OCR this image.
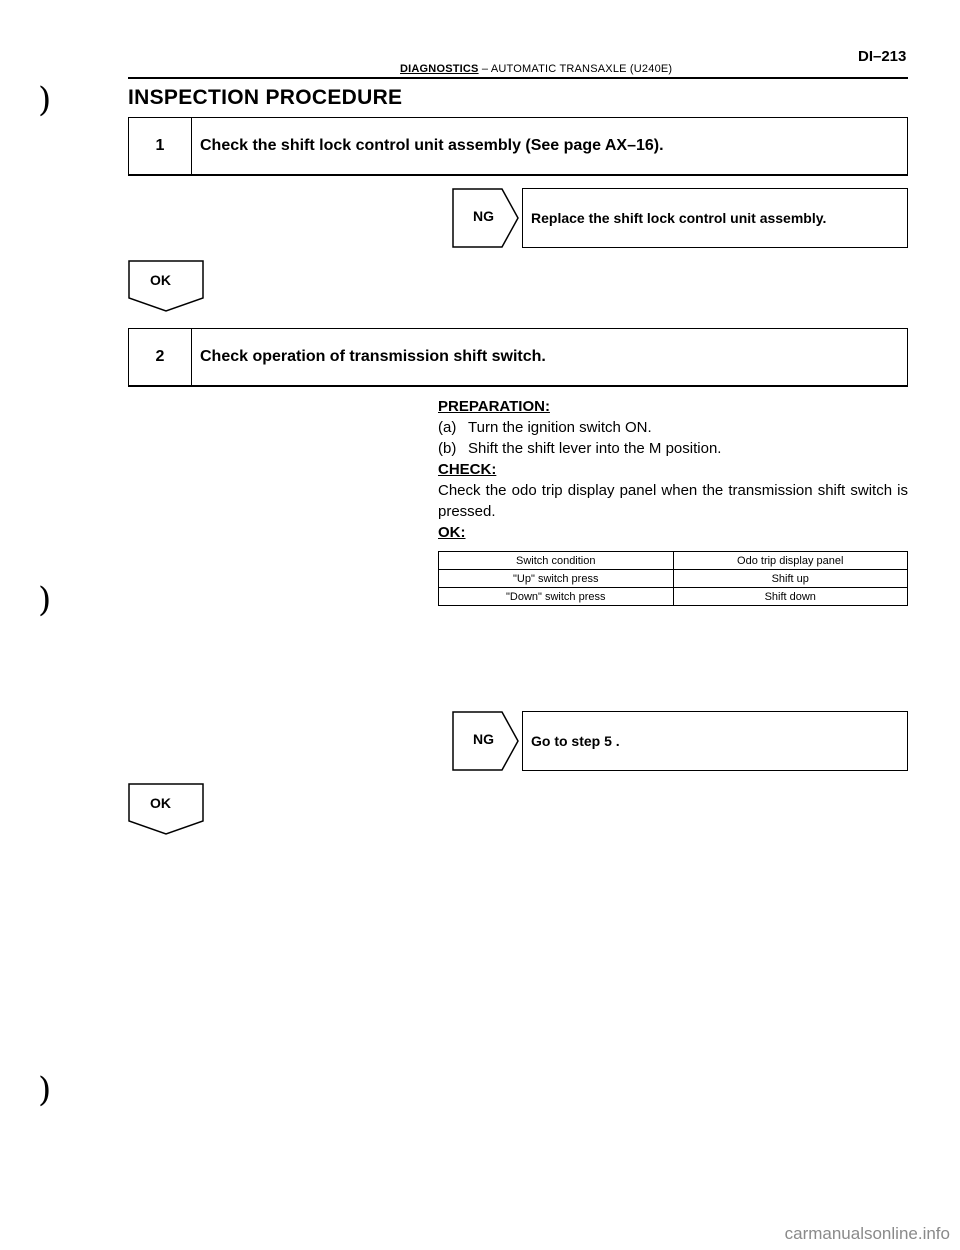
DI–213
DIAGNOSTICS – AUTOMATIC TRANSAXLE (U240E)
INSPECTION PROCEDURE
)
)
)
1	Check the shift lock control unit assembly (See page AX–16).
NG	Replace the shift lock control unit assembly.
OK
2	Check operation of transmission shift switch.
PREPARATION:
(a) Turn the ignition switch ON.
(b) Shift the shift lever into the M position.
CHECK:
Check the odo trip display panel when the transmission shift switch is pressed.
OK:
Switch condition	Odo trip display panel
"Up" switch press	Shift up
"Down" switch press	Shift down
NG	Go to step 5 .
OK
carmanualsonline.info
